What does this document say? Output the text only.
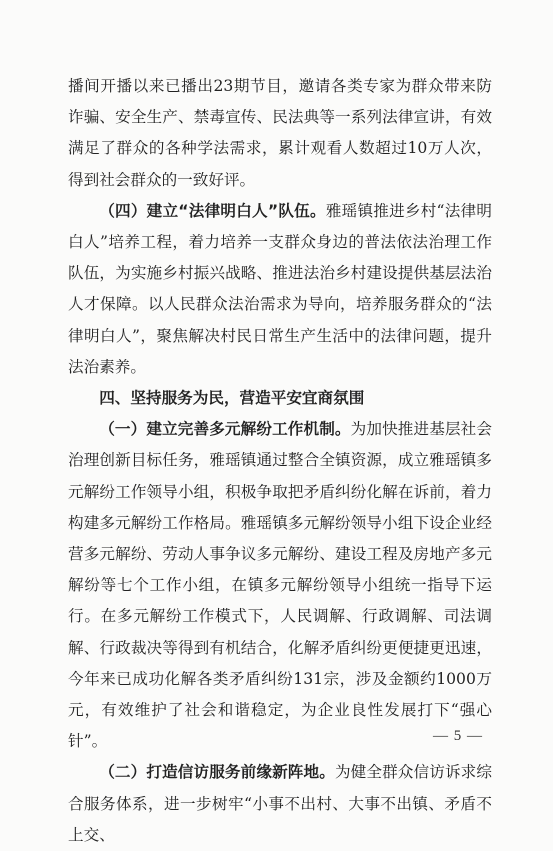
播间开播以来已播出23期节目，邀请各类专家为群众带来防诈骗、安全生产、禁毒宣传、民法典等一系列法律宣讲，有效满足了群众的各种学法需求，累计观看人数超过10万人次，得到社会群众的一致好评。

（四）建立“法律明白人”队伍。雅瑶镇推进乡村“法律明白人”培养工程，着力培养一支群众身边的普法依法治理工作队伍，为实施乡村振兴战略、推进法治乡村建设提供基层法治人才保障。以人民群众法治需求为导向，培养服务群众的“法律明白人”，聚焦解决村民日常生产生活中的法律问题，提升法治素养。

四、坚持服务为民，营造平安宜商氛围

（一）建立完善多元解纷工作机制。为加快推进基层社会治理创新目标任务，雅瑶镇通过整合全镇资源，成立雅瑶镇多元解纷工作领导小组，积极争取把矛盾纠纷化解在诉前，着力构建多元解纷工作格局。雅瑶镇多元解纷领导小组下设企业经营多元解纷、劳动人事争议多元解纷、建设工程及房地产多元解纷等七个工作小组，在镇多元解纷领导小组统一指导下运行。在多元解纷工作模式下，人民调解、行政调解、司法调解、行政裁决等得到有机结合，化解矛盾纠纷更便捷更迅速，今年来已成功化解各类矛盾纠纷131宗，涉及金额约1000万元，有效维护了社会和谐稳定，为企业良性发展打下“强心针”。

（二）打造信访服务前缘新阵地。为健全群众信访诉求综合服务体系，进一步树牢“小事不出村、大事不出镇、矛盾不上交、

— 5 —
